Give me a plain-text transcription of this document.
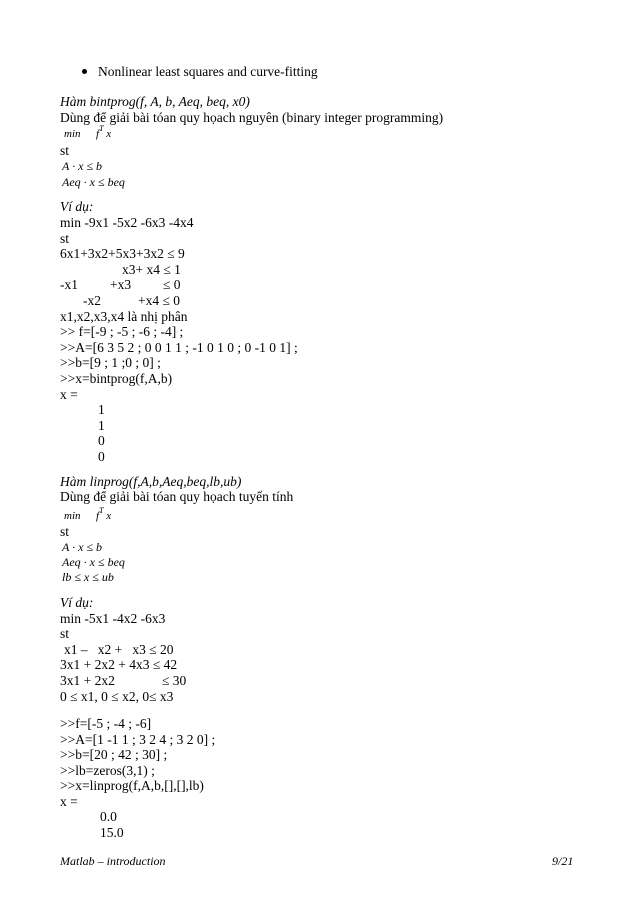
Nonlinear least squares and curve-fitting
Hàm bintprog(f, A, b, Aeq, beq, x0)
Dùng để giải bài tóan quy họach nguyên (binary integer programming)
$\min f^T$ x
st
A · x ≤ b
Aeq · x ≤ beq
Ví dụ:
min -9x1 -5x2 -6x3 -4x4
st
6x1+3x2+5x3+3x2 ≤ 9
x3+ x4 ≤ 1
-x1 +x3 ≤ 0
-x2	+x4 ≤ 0
x1,x2,x3,x4 là nhị phân
>> f=[-9 ; -5 ; -6 ; -4] ;
>>A=[6 3 5 2 ; 0 0 1 1 ; -1 0 1 0 ; 0 -1 0 1] ;
>>b=[9 ; 1 ;0 ; 0] ;
>>x=bintprog(f,A,b)
x =
1
1
0
0
Hàm linprog(f,A,b,Aeq,beq,lb,ub)
Dùng để giải bài tóan quy họach tuyến tính
$\min f^T$ x
st
A · x ≤ b
Aeq · x ≤ beq
lb ≤ x ≤ ub
Ví dụ:
min -5x1 -4x2 -6x3
st
x1 –   x2 +   x3 ≤ 20
3x1 + 2x2 + 4x3 ≤ 42
3x1 + 2x2	≤ 30
0 ≤ x1, 0 ≤ x2, 0≤ x3
>>f=[-5 ; -4 ; -6]
>>A=[1 -1 1 ; 3 2 4 ; 3 2 0] ;
>>b=[20 ; 42 ; 30] ;
>>lb=zeros(3,1) ;
>>x=linprog(f,A,b,[],[],lb)
x =
0.0
15.0
Matlab – introduction	9/21
